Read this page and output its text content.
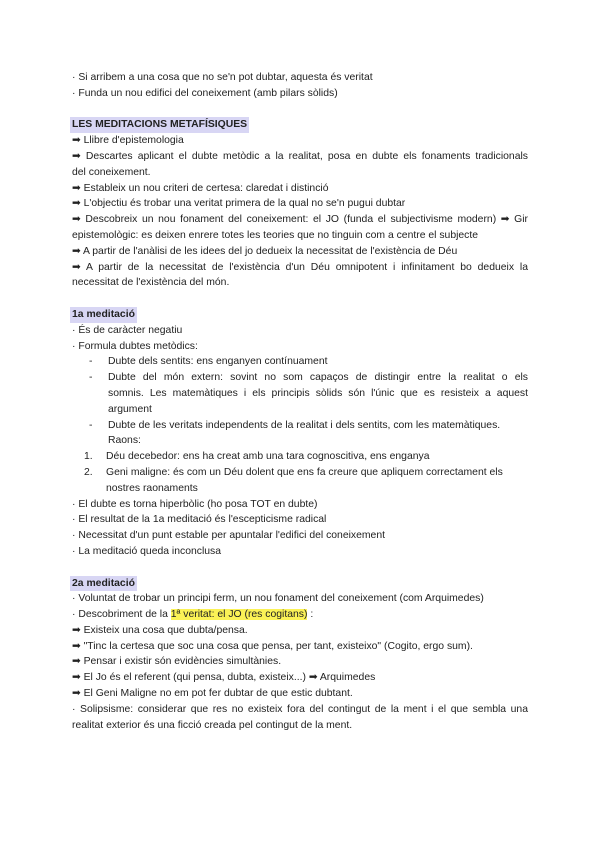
· Si arribem a una cosa que no se'n pot dubtar, aquesta és veritat
· Funda un nou edifici del coneixement (amb pilars sòlids)
LES MEDITACIONS METAFÍSIQUES
➡ Llibre d'epistemologia
➡ Descartes aplicant el dubte metòdic a la realitat, posa en dubte els fonaments tradicionals
del coneixement.
➡ Estableix un nou criteri de certesa: claredat i distinció
➡ L'objectiu és trobar una veritat primera de la qual no se'n pugui dubtar
➡ Descobreix un nou fonament del coneixement: el JO (funda el subjectivisme modern) ➡ Gir
epistemològic: es deixen enrere totes les teories que no tinguin com a centre el subjecte
➡ A partir de l'anàlisi de les idees del jo dedueix la necessitat de l'existència de Déu
➡ A partir de la necessitat de l'existència d'un Déu omnipotent i infinitament bo dedueix la
necessitat de l'existència del món.
1a meditació
· És de caràcter negatiu
· Formula dubtes metòdics:
- Dubte dels sentits: ens enganyen contínuament
- Dubte del món extern: sovint no som capaços de distingir entre la realitat o els
somnis. Les matemàtiques i els principis sòlids són l'únic que es resisteix a aquest
argument
- Dubte de les veritats independents de la realitat i dels sentits, com les matemàtiques.
Raons:
1. Déu decebedor: ens ha creat amb una tara cognoscitiva, ens enganya
2. Geni maligne: és com un Déu dolent que ens fa creure que apliquem correctament els
nostres raonaments
· El dubte es torna hiperbòlic (ho posa TOT en dubte)
· El resultat de la 1a meditació és l'escepticisme radical
· Necessitat d'un punt estable per apuntalar l'edifici del coneixement
· La meditació queda inconclusa
2a meditació
· Voluntat de trobar un principi ferm, un nou fonament del coneixement (com Arquimedes)
· Descobriment de la 1ª veritat: el JO (res cogitans) :
➡ Existeix una cosa que dubta/pensa.
➡ "Tinc la certesa que soc una cosa que pensa, per tant, existeixo" (Cogito, ergo sum).
➡ Pensar i existir són evidències simultànies.
➡ El Jo és el referent (qui pensa, dubta, existeix...) ➡ Arquimedes
➡ El Geni Maligne no em pot fer dubtar de que estic dubtant.
· Solipsisme: considerar que res no existeix fora del contingut de la ment i el que sembla una
realitat exterior és una ficció creada pel contingut de la ment.
